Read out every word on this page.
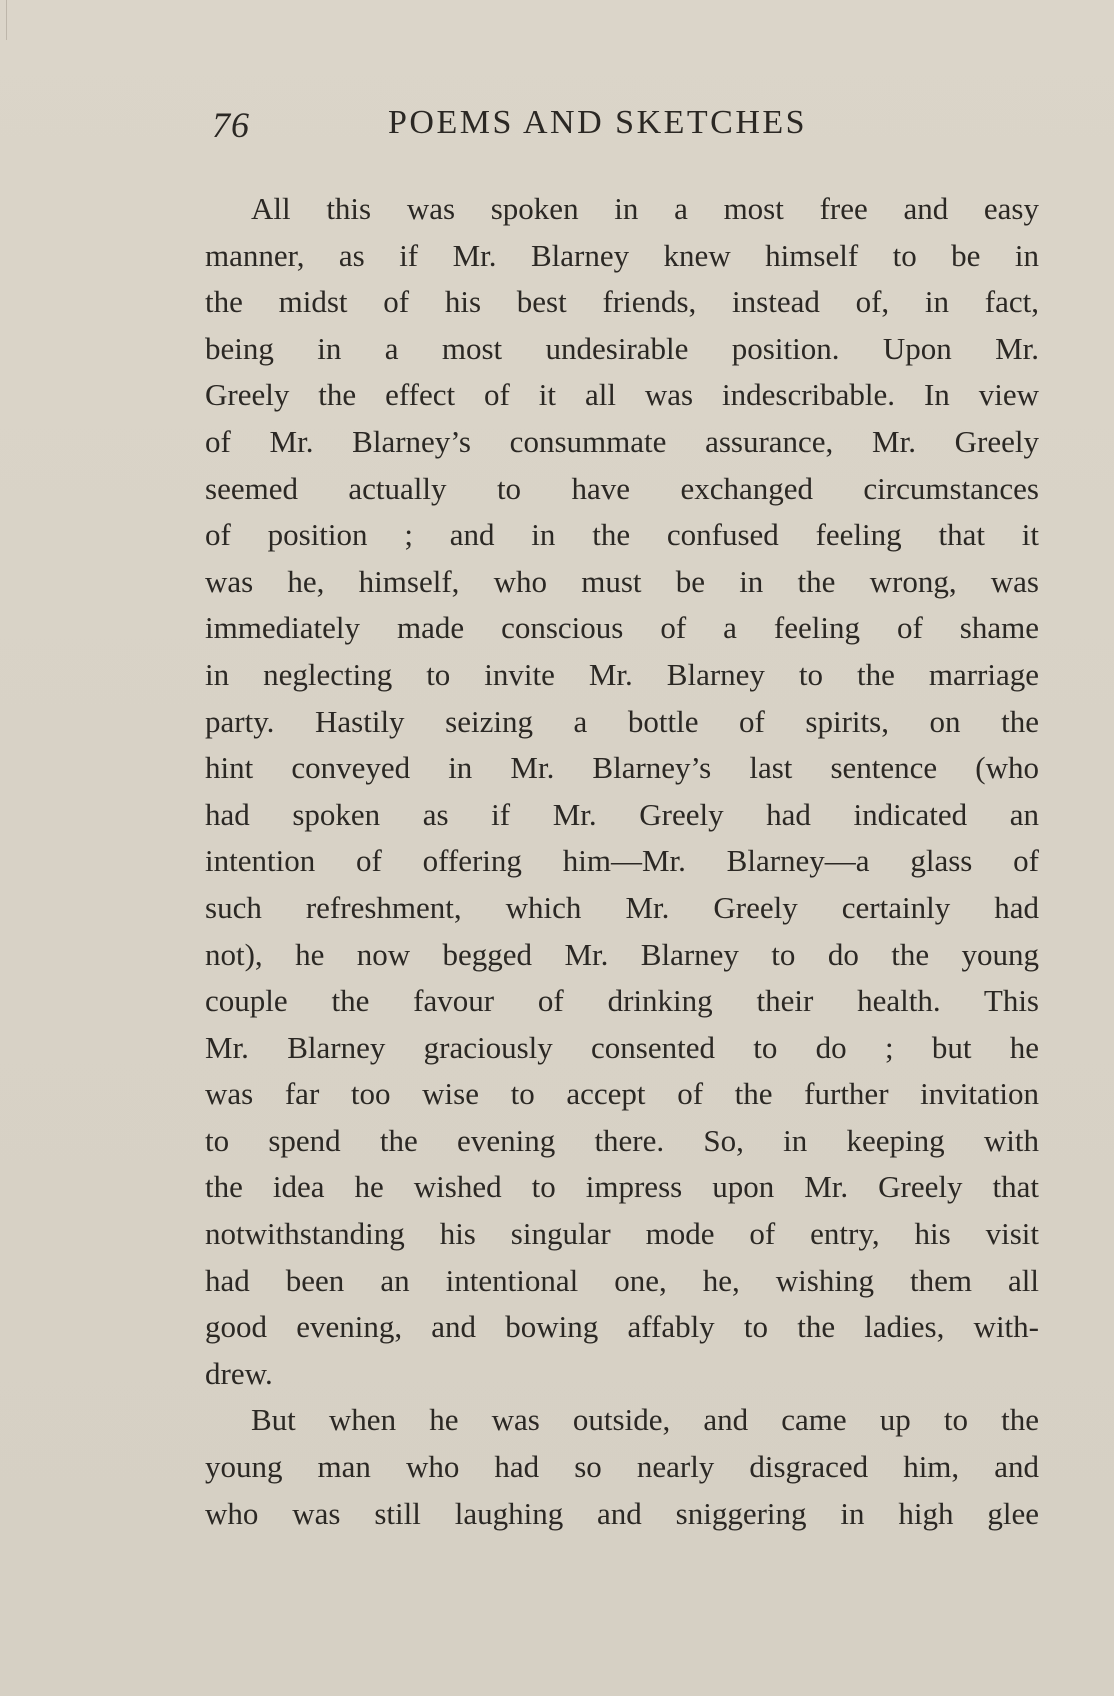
76	POEMS AND SKETCHES
All this was spoken in a most free and easy
manner, as if Mr. Blarney knew himself to be in
the midst of his best friends, instead of, in fact,
being in a most undesirable position. Upon Mr.
Greely the effect of it all was indescribable. In view
of Mr. Blarney’s consummate assurance, Mr. Greely
seemed actually to have exchanged circumstances
of position ; and in the confused feeling that it
was he, himself, who must be in the wrong, was
immediately made conscious of a feeling of shame
in neglecting to invite Mr. Blarney to the marriage
party. Hastily seizing a bottle of spirits, on the
hint conveyed in Mr. Blarney’s last sentence (who
had spoken as if Mr. Greely had indicated an
intention of offering him—Mr. Blarney—a glass of
such refreshment, which Mr. Greely certainly had
not), he now begged Mr. Blarney to do the young
couple the favour of drinking their health. This
Mr. Blarney graciously consented to do ; but he
was far too wise to accept of the further invitation
to spend the evening there. So, in keeping with
the idea he wished to impress upon Mr. Greely that
notwithstanding his singular mode of entry, his visit
had been an intentional one, he, wishing them all
good evening, and bowing affably to the ladies, with-
drew.
But when he was outside, and came up to the
young man who had so nearly disgraced him, and
who was still laughing and sniggering in high glee
